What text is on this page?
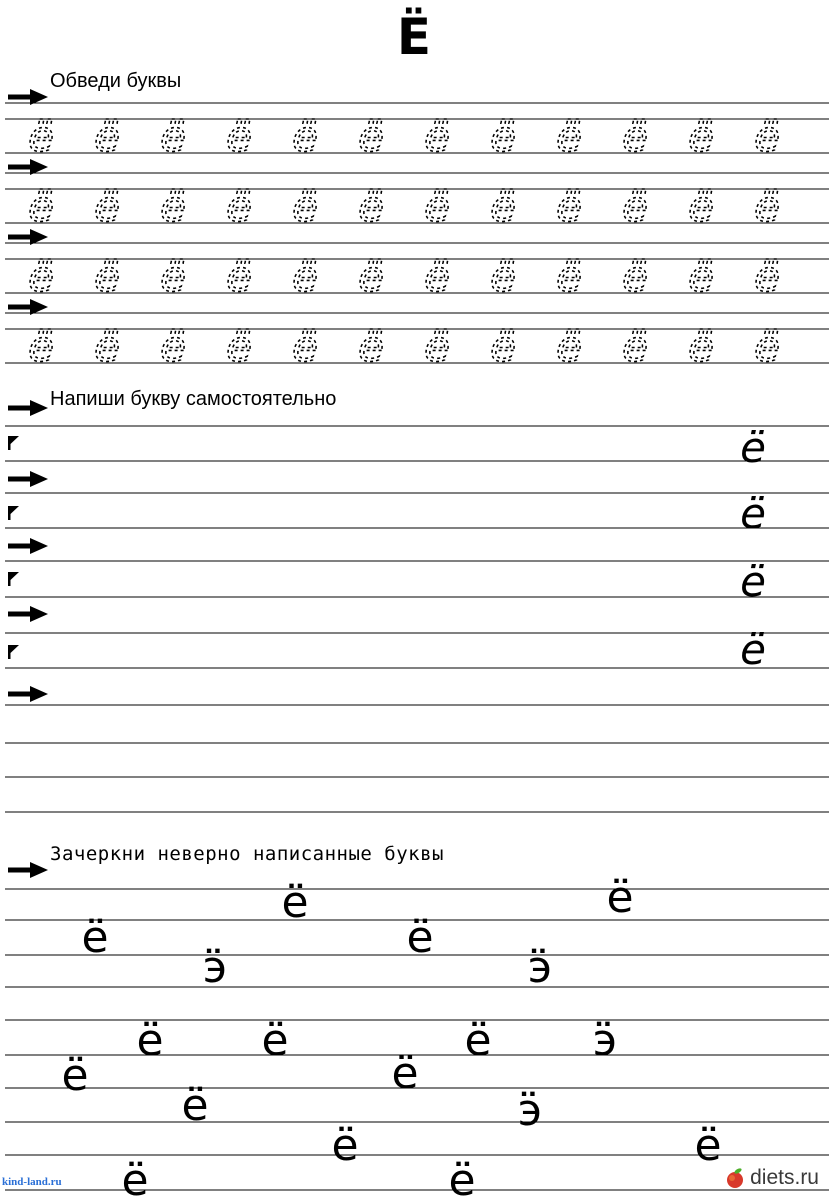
Ё
Обведи буквы
Напиши букву самостоятельно
Зачеркни неверно написанные буквы
ё ё ё ё ё ё ё ё ё ё ё ё
ё ё ё ё ё ё ё ё ё ё ё ё
ё ё ё ё ё ё ё ё ё ё ё ё
ё ё ё ё ё ё ё ё ё ё ё ё
ё
ё
ё
ё
ё
ӭ
ё
ё
ӭ
ё
ё ё	ё ӭ
ё
ё
ё
ӭ
ё
ё
ё	ё
kind-land.ru	diets.ru
